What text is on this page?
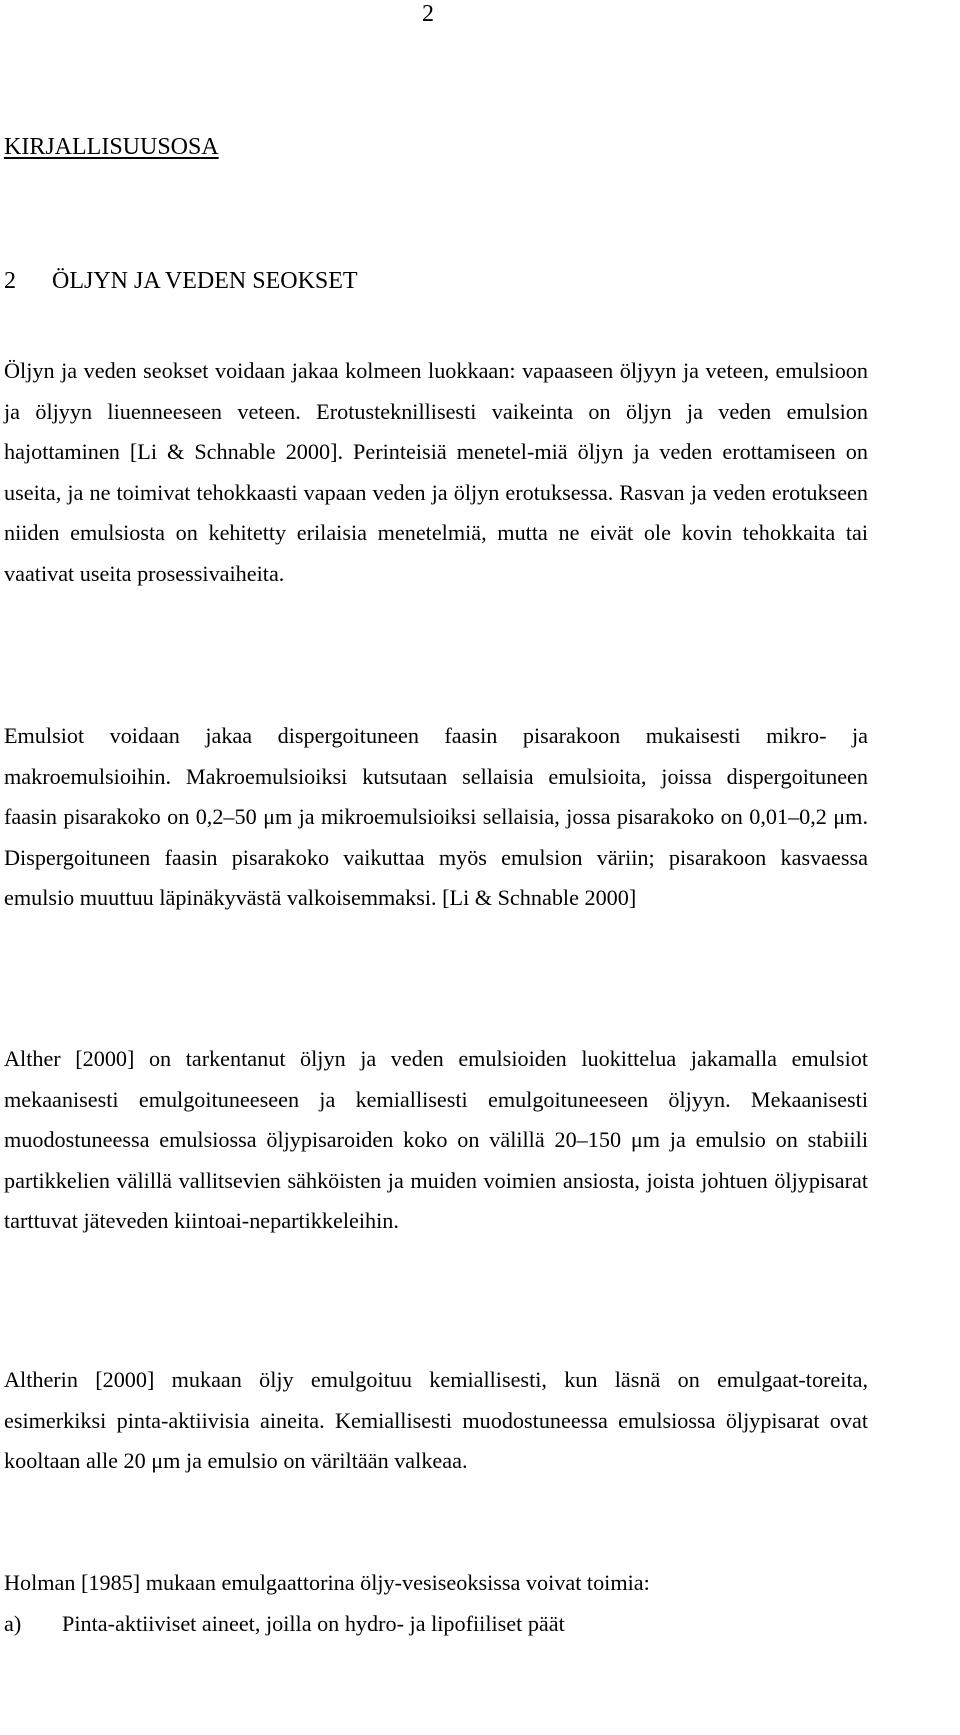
2
KIRJALLISUUSOSA
2 ÖLJYN JA VEDEN SEOKSET

Öljyn ja veden seokset voidaan jakaa kolmeen luokkaan: vapaaseen öljyyn ja veteen, emulsioon ja öljyyn liuenneeseen veteen. Erotusteknillisesti vaikeinta on öljyn ja veden emulsion hajottaminen [Li & Schnable 2000]. Perinteisiä menetel-miä öljyn ja veden erottamiseen on useita, ja ne toimivat tehokkaasti vapaan veden ja öljyn erotuksessa. Rasvan ja veden erotukseen niiden emulsiosta on kehitetty erilaisia menetelmiä, mutta ne eivät ole kovin tehokkaita tai vaativat useita prosessivaiheita.

Emulsiot voidaan jakaa dispergoituneen faasin pisarakoon mukaisesti mikro- ja makroemulsioihin. Makroemulsioiksi kutsutaan sellaisia emulsioita, joissa dispergoituneen faasin pisarakoko on 0,2–50 μm ja mikroemulsioiksi sellaisia, jossa pisarakoko on 0,01–0,2 μm. Dispergoituneen faasin pisarakoko vaikuttaa myös emulsion väriin; pisarakoon kasvaessa emulsio muuttuu läpinäkyvästä valkoisemmaksi. [Li & Schnable 2000]

Alther [2000] on tarkentanut öljyn ja veden emulsioiden luokittelua jakamalla emulsiot mekaanisesti emulgoituneeseen ja kemiallisesti emulgoituneeseen öljyyn. Mekaanisesti muodostuneessa emulsiossa öljypisaroiden koko on välillä 20–150 μm ja emulsio on stabiili partikkelien välillä vallitsevien sähköisten ja muiden voimien ansiosta, joista johtuen öljypisarat tarttuvat jäteveden kiintoai-nepartikkeleihin.

Altherin [2000] mukaan öljy emulgoituu kemiallisesti, kun läsnä on emulgaat-toreita, esimerkiksi pinta-aktiivisia aineita. Kemiallisesti muodostuneessa emulsiossa öljypisarat ovat kooltaan alle 20 μm ja emulsio on väriltään valkeaa.

Holman [1985] mukaan emulgaattorina öljy-vesiseoksissa voivat toimia:

a) Pinta-aktiiviset aineet, joilla on hydro- ja lipofiiliset päät
